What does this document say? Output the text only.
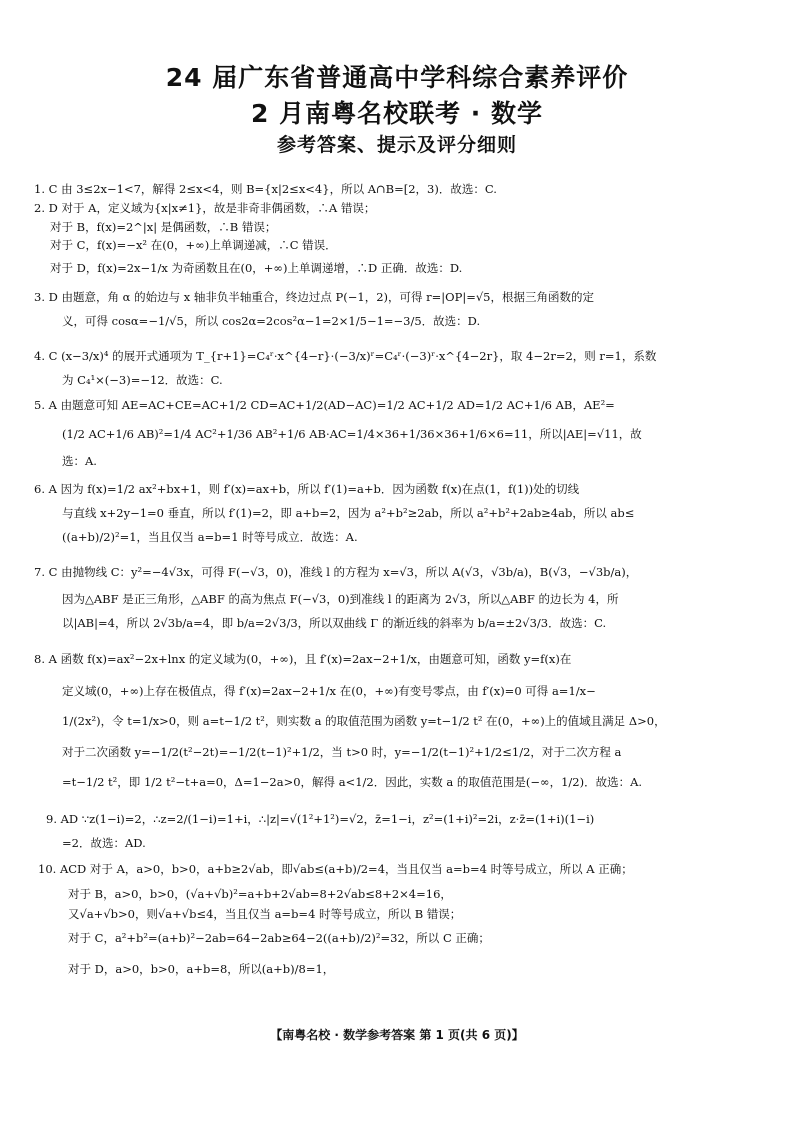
24 届广东省普通高中学科综合素养评价
2 月南粤名校联考 · 数学
参考答案、提示及评分细则
1. C 由 3≤2x−1<7，解得 2≤x<4，则 B={x|2≤x<4}，所以 A∩B=[2，3)．故选：C.
2. D 对于 A，定义域为{x|x≠1}，故是非奇非偶函数，∴A 错误；
对于 B，f(x)=2^|x| 是偶函数，∴B 错误；
对于 C，f(x)=−x² 在(0，+∞)上单调递减，∴C 错误．
对于 D，f(x)=2x−1/x 为奇函数且在(0，+∞)上单调递增，∴D 正确．故选：D.
3. D 由题意，角 α 的始边与 x 轴非负半轴重合，终边过点 P(−1，2)，可得 r=|OP|=√5，根据三角函数的定
义，可得 cosα=−1/√5，所以 cos2α=2cos²α−1=2×1/5−1=−3/5．故选：D.
4. C (x−3/x)⁴ 的展开式通项为 T_{r+1}=C₄ʳ·x^{4−r}·(−3/x)ʳ=C₄ʳ·(−3)ʳ·x^{4−2r}，取 4−2r=2，则 r=1，系数
为 C₄¹×(−3)=−12．故选：C.
5. A 由题意可知 AE=AC+CE=AC+1/2 CD=AC+1/2(AD−AC)=1/2 AC+1/2 AD=1/2 AC+1/6 AB，AE²=
(1/2 AC+1/6 AB)²=1/4 AC²+1/36 AB²+1/6 AB·AC=1/4×36+1/36×36+1/6×6=11，所以|AE|=√11，故
选：A.
6. A 因为 f(x)=1/2 ax²+bx+1，则 f′(x)=ax+b，所以 f′(1)=a+b．因为函数 f(x)在点(1，f(1))处的切线
与直线 x+2y−1=0 垂直，所以 f′(1)=2，即 a+b=2，因为 a²+b²≥2ab，所以 a²+b²+2ab≥4ab，所以 ab≤
((a+b)/2)²=1，当且仅当 a=b=1 时等号成立．故选：A.
7. C 由抛物线 C：y²=−4√3x，可得 F(−√3，0)，准线 l 的方程为 x=√3，所以 A(√3，√3b/a)，B(√3，−√3b/a)，
因为△ABF 是正三角形，△ABF 的高为焦点 F(−√3，0)到准线 l 的距离为 2√3，所以△ABF 的边长为 4，所
以|AB|=4，所以 2√3b/a=4，即 b/a=2√3/3，所以双曲线 Γ 的渐近线的斜率为 b/a=±2√3/3．故选：C.
8. A 函数 f(x)=ax²−2x+lnx 的定义域为(0，+∞)，且 f′(x)=2ax−2+1/x，由题意可知，函数 y=f(x)在
定义域(0，+∞)上存在极值点，得 f′(x)=2ax−2+1/x 在(0，+∞)有变号零点，由 f′(x)=0 可得 a=1/x−
1/(2x²)，令 t=1/x>0，则 a=t−1/2 t²，则实数 a 的取值范围为函数 y=t−1/2 t² 在(0，+∞)上的值域且满足 Δ>0，
对于二次函数 y=−1/2(t²−2t)=−1/2(t−1)²+1/2，当 t>0 时，y=−1/2(t−1)²+1/2≤1/2，对于二次方程 a
=t−1/2 t²，即 1/2 t²−t+a=0，Δ=1−2a>0，解得 a<1/2．因此，实数 a 的取值范围是(−∞，1/2)．故选：A.
9. AD ∵z(1−i)=2，∴z=2/(1−i)=1+i，∴|z|=√(1²+1²)=√2，z̄=1−i，z²=(1+i)²=2i，z·z̄=(1+i)(1−i)
=2．故选：AD.
10. ACD 对于 A，a>0，b>0，a+b≥2√ab，即√ab≤(a+b)/2=4，当且仅当 a=b=4 时等号成立，所以 A 正确；
对于 B，a>0，b>0，(√a+√b)²=a+b+2√ab=8+2√ab≤8+2×4=16，
又√a+√b>0，则√a+√b≤4，当且仅当 a=b=4 时等号成立，所以 B 错误；
对于 C，a²+b²=(a+b)²−2ab=64−2ab≥64−2((a+b)/2)²=32，所以 C 正确；
对于 D，a>0，b>0，a+b=8，所以(a+b)/8=1，
【南粤名校 · 数学参考答案 第 1 页(共 6 页)】
